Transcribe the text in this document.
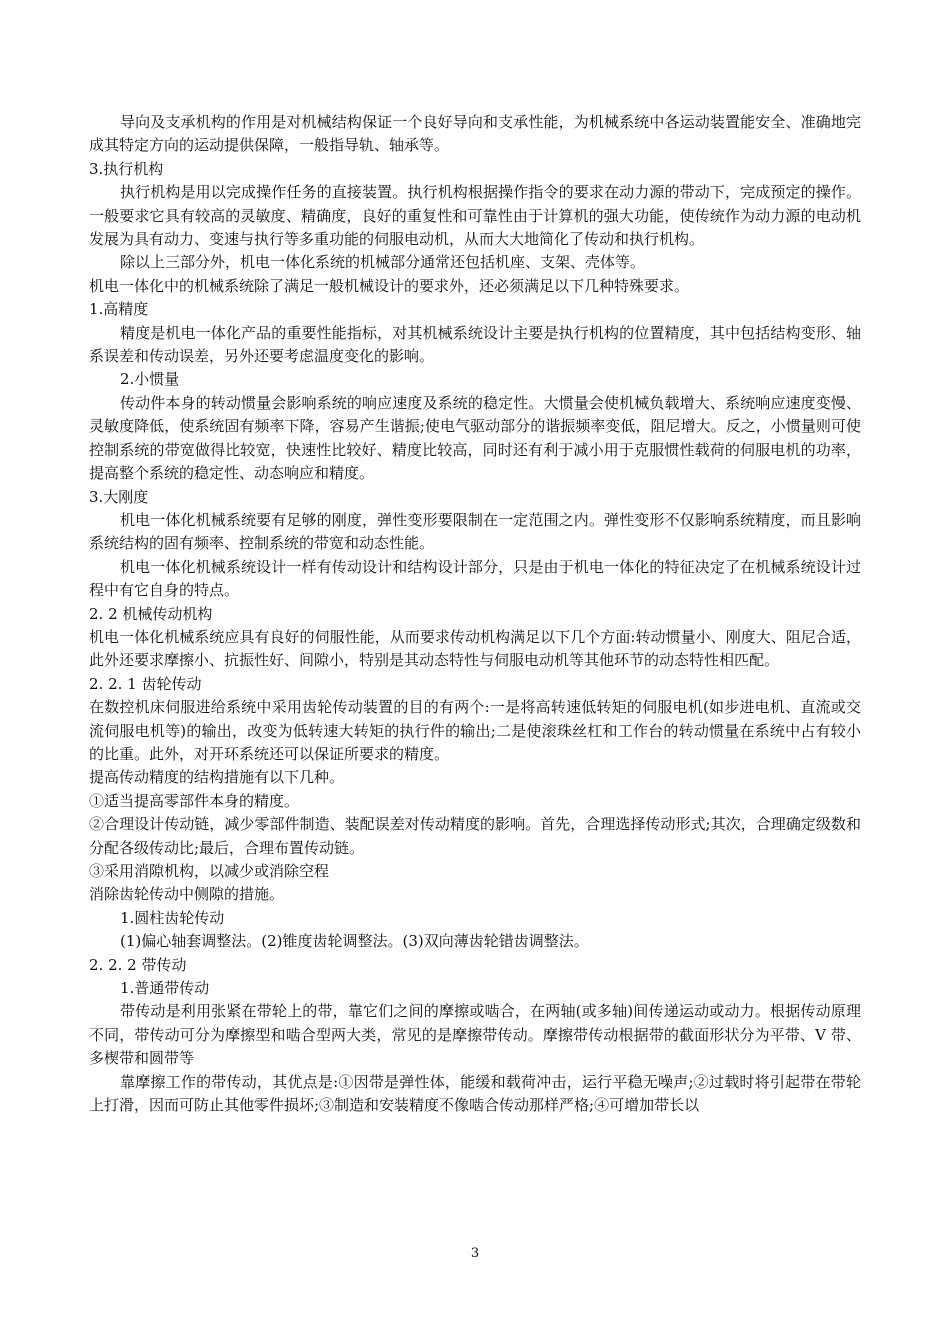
导向及支承机构的作用是对机械结构保证一个良好导向和支承性能，为机械系统中各运动装置能安全、准确地完成其特定方向的运动提供保障，一般指导轨、轴承等。

3.执行机构

执行机构是用以完成操作任务的直接装置。执行机构根据操作指令的要求在动力源的带动下，完成预定的操作。一般要求它具有较高的灵敏度、精确度，良好的重复性和可靠性由于计算机的强大功能，使传统作为动力源的电动机发展为具有动力、变速与执行等多重功能的伺服电动机，从而大大地简化了传动和执行机构。

除以上三部分外，机电一体化系统的机械部分通常还包括机座、支架、壳体等。

机电一体化中的机械系统除了满足一般机械设计的要求外，还必须满足以下几种特殊要求。

1.高精度

精度是机电一体化产品的重要性能指标，对其机械系统设计主要是执行机构的位置精度，其中包括结构变形、轴系误差和传动误差，另外还要考虑温度变化的影响。

2.小惯量

传动件本身的转动惯量会影响系统的响应速度及系统的稳定性。大惯量会使机械负载增大、系统响应速度变慢、灵敏度降低，使系统固有频率下降，容易产生谐振;使电气驱动部分的谐振频率变低，阻尼增大。反之，小惯量则可使控制系统的带宽做得比较宽，快速性比较好、精度比较高，同时还有利于减小用于克服惯性载荷的伺服电机的功率，提高整个系统的稳定性、动态响应和精度。

3.大刚度

机电一体化机械系统要有足够的刚度，弹性变形要限制在一定范围之内。弹性变形不仅影响系统精度，而且影响系统结构的固有频率、控制系统的带宽和动态性能。

机电一体化机械系统设计一样有传动设计和结构设计部分，只是由于机电一体化的特征决定了在机械系统设计过程中有它自身的特点。

2. 2 机械传动机构

机电一体化机械系统应具有良好的伺服性能，从而要求传动机构满足以下几个方面:转动惯量小、刚度大、阻尼合适，此外还要求摩擦小、抗振性好、间隙小，特别是其动态特性与伺服电动机等其他环节的动态特性相匹配。

2. 2. 1 齿轮传动

在数控机床伺服进给系统中采用齿轮传动装置的目的有两个:一是将高转速低转矩的伺服电机(如步进电机、直流或交流伺服电机等)的输出，改变为低转速大转矩的执行件的输出;二是使滚珠丝杠和工作台的转动惯量在系统中占有较小的比重。此外，对开环系统还可以保证所要求的精度。

提高传动精度的结构措施有以下几种。

①适当提高零部件本身的精度。

②合理设计传动链，减少零部件制造、装配误差对传动精度的影响。首先，合理选择传动形式;其次，合理确定级数和分配各级传动比;最后，合理布置传动链。

③采用消隙机构，以减少或消除空程

消除齿轮传动中侧隙的措施。

1.圆柱齿轮传动

(1)偏心轴套调整法。(2)锥度齿轮调整法。(3)双向薄齿轮错齿调整法。

2. 2. 2 带传动

1.普通带传动

带传动是利用张紧在带轮上的带，靠它们之间的摩擦或啮合，在两轴(或多轴)间传递运动或动力。根据传动原理不同，带传动可分为摩擦型和啮合型两大类，常见的是摩擦带传动。摩擦带传动根据带的截面形状分为平带、V 带、多楔带和圆带等

靠摩擦工作的带传动，其优点是:①因带是弹性体，能缓和载荷冲击，运行平稳无噪声;②过载时将引起带在带轮上打滑，因而可防止其他零件损坏;③制造和安装精度不像啮合传动那样严格;④可增加带长以

3
